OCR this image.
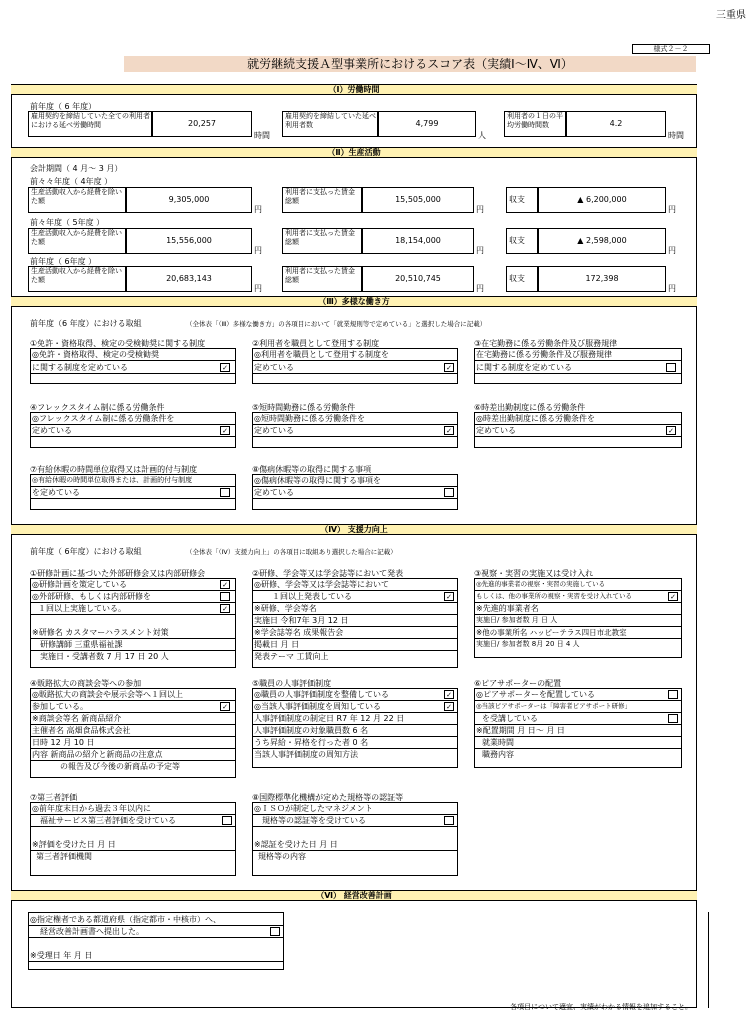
三重県
様式２－２
就労継続支援Ａ型事業所におけるスコア表（実績Ⅰ～Ⅳ、Ⅵ）
（Ⅰ）労働時間
前年度（ 6 年度）
雇用契約を締結していた全ての利用者における延べ労働時間	20,257
時間
雇用契約を締結していた延べ利用者数	4,799
人
利用者の１日の平均労働時間数	4.2
時間
（Ⅱ）生産活動
会計期間（ 4 月～ 3 月）
前々々年度（ 4年度 ）
生産活動収入から経費を除いた額	9,305,000
円
利用者に支払った賃金総額	15,505,000
円
収支	▲ 6,200,000
円
前々年度（ 5年度 ）
生産活動収入から経費を除いた額	15,556,000
円
利用者に支払った賃金総額	18,154,000
円
収支	▲ 2,598,000
円
前年度（ 6年度 ）
生産活動収入から経費を除いた額	20,683,143
円
利用者に支払った賃金総額	20,510,745
円
収支	172,398
円
（Ⅲ）多様な働き方
前年度（6 年度）における取組	（全体表「（Ⅲ）多様な働き方」の各項目において「就業規則等で定めている」と選択した場合に記載）
①免許・資格取得、検定の受検勧奨に関する制度
◎免許・資格取得、検定の受検勧奨
に関する制度を定めている	✓
②利用者を職員として登用する制度
◎利用者を職員として登用する制度を
定めている	✓
③在宅勤務に係る労働条件及び服務規律
在宅勤務に係る労働条件及び服務規律
に関する制度を定めている
④フレックスタイム制に係る労働条件
◎フレックスタイム制に係る労働条件を
定めている	✓
⑤短時間勤務に係る労働条件
◎短時間勤務に係る労働条件を
定めている	✓
⑥時差出勤制度に係る労働条件
◎時差出勤制度に係る労働条件を
定めている	✓
⑦有給休暇の時間単位取得又は計画的付与制度
◎有給休暇の時間単位取得または、計画的付与制度
を定めている
⑧傷病休暇等の取得に関する事項
◎傷病休暇等の取得に関する事項を
定めている
（Ⅳ） 支援力向上
前年度（ 6年度）における取組	（全体表「（Ⅳ）支援力向上」の各項目に取組あり選択した場合に記載）
①研修計画に基づいた外部研修会又は内部研修会
◎研修計画を策定している
◎外部研修、もしくは内部研修を
１回以上実施している。
※研修名 カスタマーハラスメント対策
研修講師 三重県福祉課
実施日・受講者数 7 月 17 日 20 人
✓
✓
②研修、学会等又は学会誌等において発表
◎研修、学会等又は学会誌等において
１回以上発表している
※研修、学会等名
実施日 令和7年 3月 12 日
※学会誌等名 成果報告会
掲載日 月 日
発表テーマ 工賃向上
✓
③視察・実習の実施又は受け入れ
◎先進的事業者の視察・実習の実施している
もしくは、他の事業所の視察・実習を受け入れている
※先進的事業者名
実施日/ 参加者数 月 日 人
※他の事業所名 ハッピーテラス四日市北教室
実施日/ 参加者数 8月 20 日 4 人
✓
④販路拡大の商談会等への参加
◎販路拡大の商談会や展示会等へ１回以上
参加している。
※商談会等名 新商品紹介
主催者名 高畑食品株式会社
日時 12 月 10 日
内容 新商品の紹介と新商品の注意点
の報告及び今後の新商品の予定等
✓
⑤職員の人事評価制度
◎職員の人事評価制度を整備している
◎当該人事評価制度を周知している
人事評価制度の制定日 R7 年 12 月 22 日
人事評価制度の対象職員数 6 名
うち昇給・昇格を行った者 0 名
当該人事評価制度の周知方法
✓
✓
⑥ピアサポーターの配置
◎ピアサポーターを配置している
◎当該ピアサポーターは「障害者ピアサポート研修」
を受講している
※配置期間 月 日～ 月 日
就業時間
職務内容
⑦第三者評価
◎前年度末日から過去３年以内に
福祉サービス第三者評価を受けている
※評価を受けた日 月 日
第三者評価機関
⑧国際標準化機構が定めた規格等の認証等
◎ＩＳＯが制定したマネジメント
規格等の認証等を受けている
※認証を受けた日 月 日
規格等の内容
（Ⅵ） 経営改善計画
◎指定権者である都道府県（指定都市・中核市）へ、
経営改善計画書へ提出した。
※受理日 年 月 日
各項目について適宜、実績がわかる情報を追加すること。
